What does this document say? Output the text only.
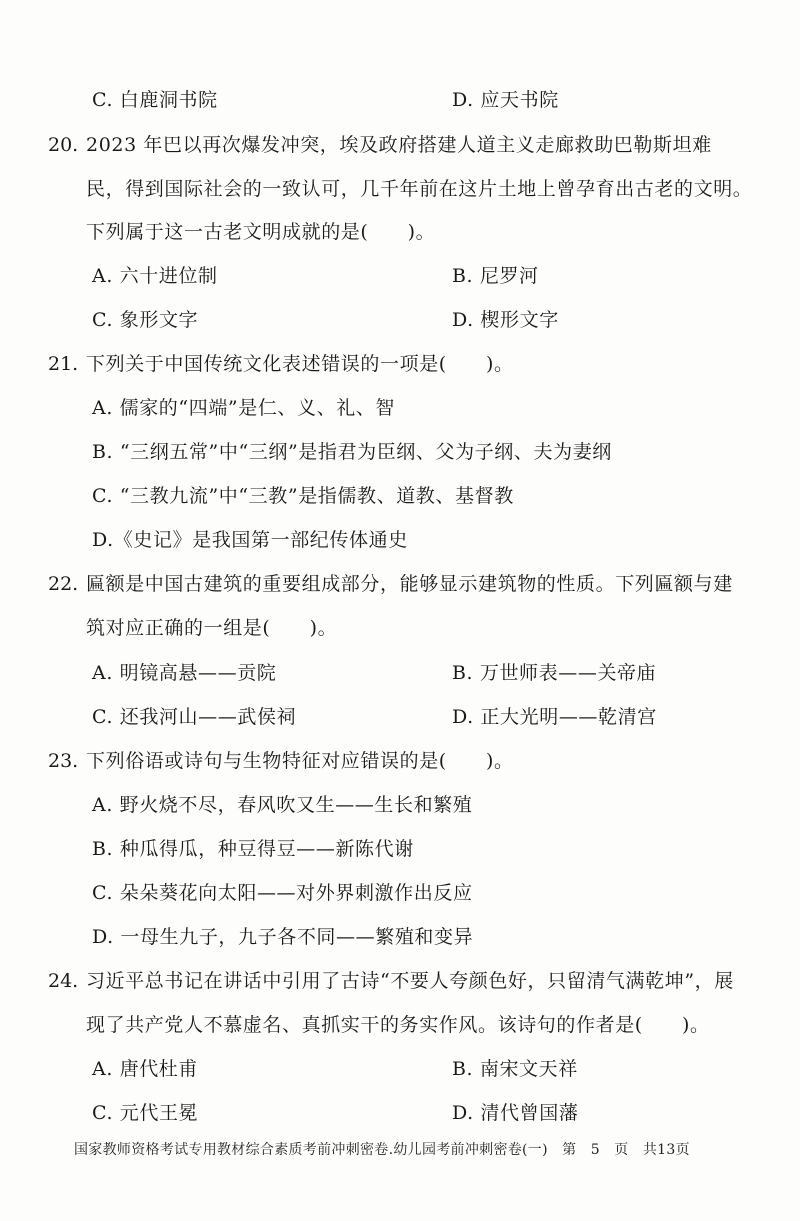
C. 白鹿洞书院	D. 应天书院
20. 2023 年巴以再次爆发冲突，埃及政府搭建人道主义走廊救助巴勒斯坦难
民，得到国际社会的一致认可，几千年前在这片土地上曾孕育出古老的文明。
下列属于这一古老文明成就的是(　　)。
A. 六十进位制	B. 尼罗河
C. 象形文字	D. 楔形文字
21. 下列关于中国传统文化表述错误的一项是(　　)。
A. 儒家的“四端”是仁、义、礼、智
B. “三纲五常”中“三纲”是指君为臣纲、父为子纲、夫为妻纲
C. “三教九流”中“三教”是指儒教、道教、基督教
D.《史记》是我国第一部纪传体通史
22. 匾额是中国古建筑的重要组成部分，能够显示建筑物的性质。下列匾额与建
筑对应正确的一组是(　　)。
A. 明镜高悬——贡院	B. 万世师表——关帝庙
C. 还我河山——武侯祠	D. 正大光明——乾清宫
23. 下列俗语或诗句与生物特征对应错误的是(　　)。
A. 野火烧不尽，春风吹又生——生长和繁殖
B. 种瓜得瓜，种豆得豆——新陈代谢
C. 朵朵葵花向太阳——对外界刺激作出反应
D. 一母生九子，九子各不同——繁殖和变异
24. 习近平总书记在讲话中引用了古诗“不要人夸颜色好，只留清气满乾坤”，展
现了共产党人不慕虚名、真抓实干的务实作风。该诗句的作者是(　　)。
A. 唐代杜甫	B. 南宋文天祥
C. 元代王冕	D. 清代曾国藩
国家教师资格考试专用教材综合素质考前冲刺密卷.幼儿园考前冲刺密卷(一)　第　5　页　共13页
